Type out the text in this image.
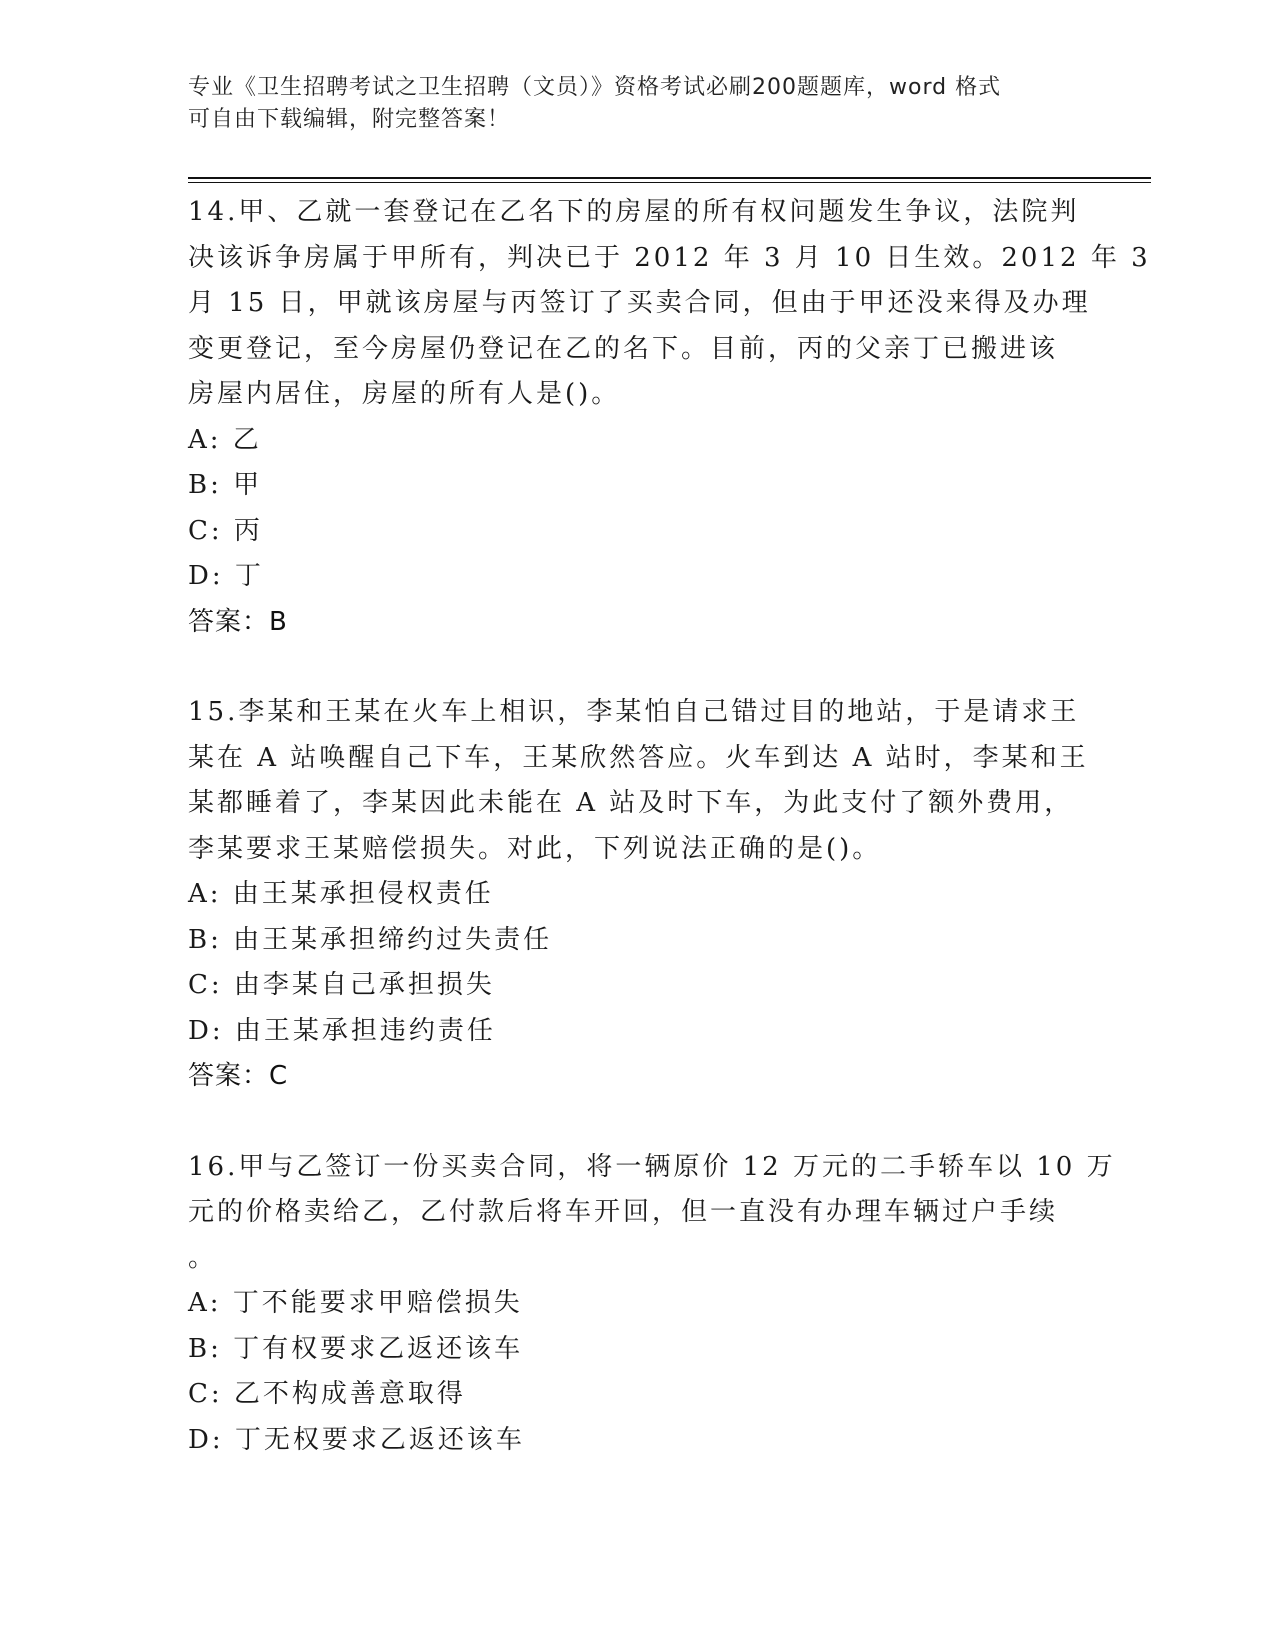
专业《卫生招聘考试之卫生招聘（文员）》资格考试必刷200题题库，word 格式
可自由下载编辑，附完整答案！
14.甲、乙就一套登记在乙名下的房屋的所有权问题发生争议，法院判
决该诉争房属于甲所有，判决已于 2012 年 3 月 10 日生效。2012 年 3
月 15 日，甲就该房屋与丙签订了买卖合同，但由于甲还没来得及办理
变更登记，至今房屋仍登记在乙的名下。目前，丙的父亲丁已搬进该
房屋内居住，房屋的所有人是()。
A: 乙
B: 甲
C: 丙
D: 丁
答案：B
15.李某和王某在火车上相识，李某怕自己错过目的地站，于是请求王
某在 A 站唤醒自己下车，王某欣然答应。火车到达 A 站时，李某和王
某都睡着了，李某因此未能在 A 站及时下车，为此支付了额外费用，
李某要求王某赔偿损失。对此，下列说法正确的是()。
A: 由王某承担侵权责任
B: 由王某承担缔约过失责任
C: 由李某自己承担损失
D: 由王某承担违约责任
答案：C
16.甲与乙签订一份买卖合同，将一辆原价 12 万元的二手轿车以 10 万
元的价格卖给乙，乙付款后将车开回，但一直没有办理车辆过户手续
。
A: 丁不能要求甲赔偿损失
B: 丁有权要求乙返还该车
C: 乙不构成善意取得
D: 丁无权要求乙返还该车
